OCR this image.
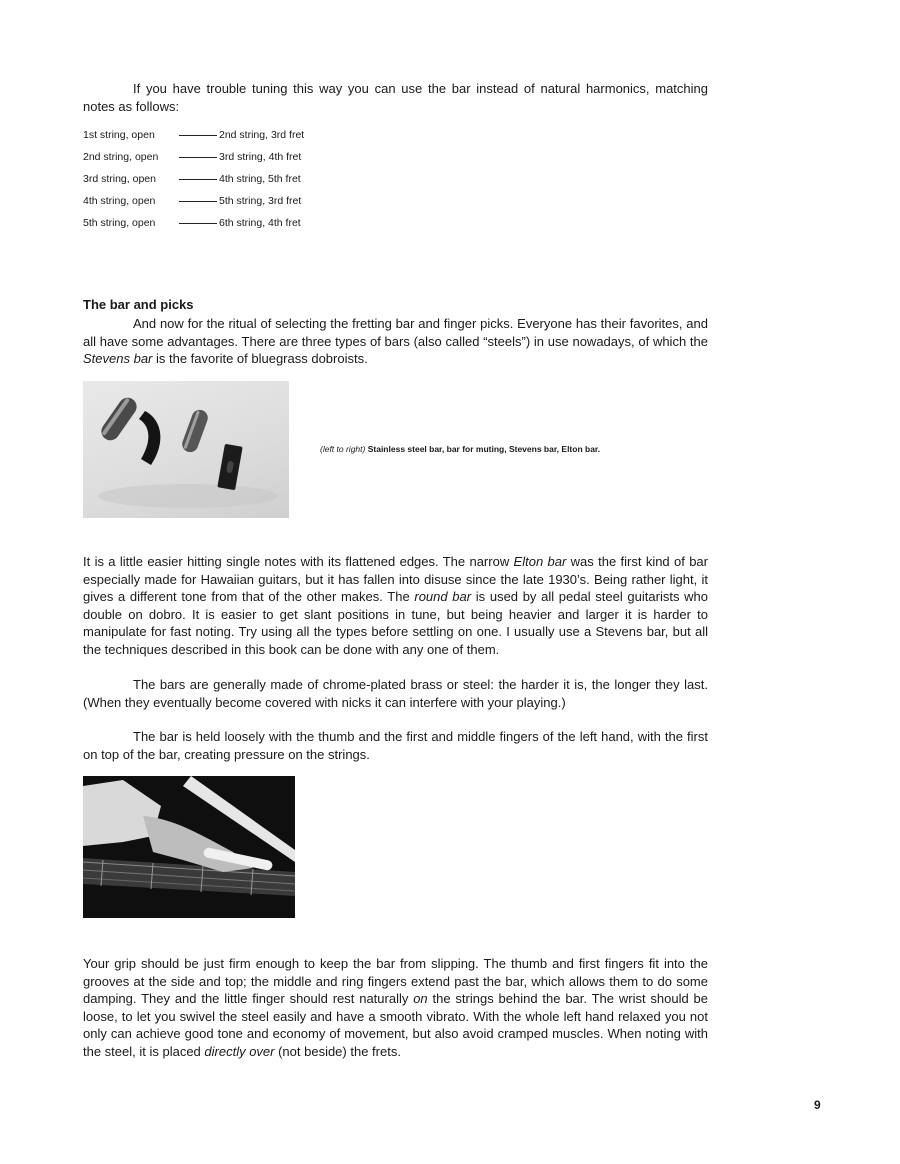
If you have trouble tuning this way you can use the bar instead of natural harmonics, matching notes as follows:
1st string, open	2nd string, 3rd fret
2nd string, open	3rd string, 4th fret
3rd string, open	4th string, 5th fret
4th string, open	5th string, 3rd fret
5th string, open	6th string, 4th fret
The bar and picks
And now for the ritual of selecting the fretting bar and finger picks. Everyone has their favorites, and all have some advantages. There are three types of bars (also called “steels”) in use nowadays, of which the Stevens bar is the favorite of bluegrass dobroists.
(left to right) Stainless steel bar, bar for muting, Stevens bar, Elton bar.
It is a little easier hitting single notes with its flattened edges. The narrow Elton bar was the first kind of bar especially made for Hawaiian guitars, but it has fallen into disuse since the late 1930’s. Being rather light, it gives a different tone from that of the other makes. The round bar is used by all pedal steel guitarists who double on dobro. It is easier to get slant positions in tune, but being heavier and larger it is harder to manipulate for fast noting. Try using all the types before settling on one. I usually use a Stevens bar, but all the techniques described in this book can be done with any one of them.
The bars are generally made of chrome-plated brass or steel: the harder it is, the longer they last. (When they eventually become covered with nicks it can interfere with your playing.)
The bar is held loosely with the thumb and the first and middle fingers of the left hand, with the first on top of the bar, creating pressure on the strings.
Your grip should be just firm enough to keep the bar from slipping. The thumb and first fingers fit into the grooves at the side and top; the middle and ring fingers extend past the bar, which allows them to do some damping. They and the little finger should rest naturally on the strings behind the bar. The wrist should be loose, to let you swivel the steel easily and have a smooth vibrato. With the whole left hand relaxed you not only can achieve good tone and economy of movement, but also avoid cramped muscles. When noting with the steel, it is placed directly over (not beside) the frets.
9
